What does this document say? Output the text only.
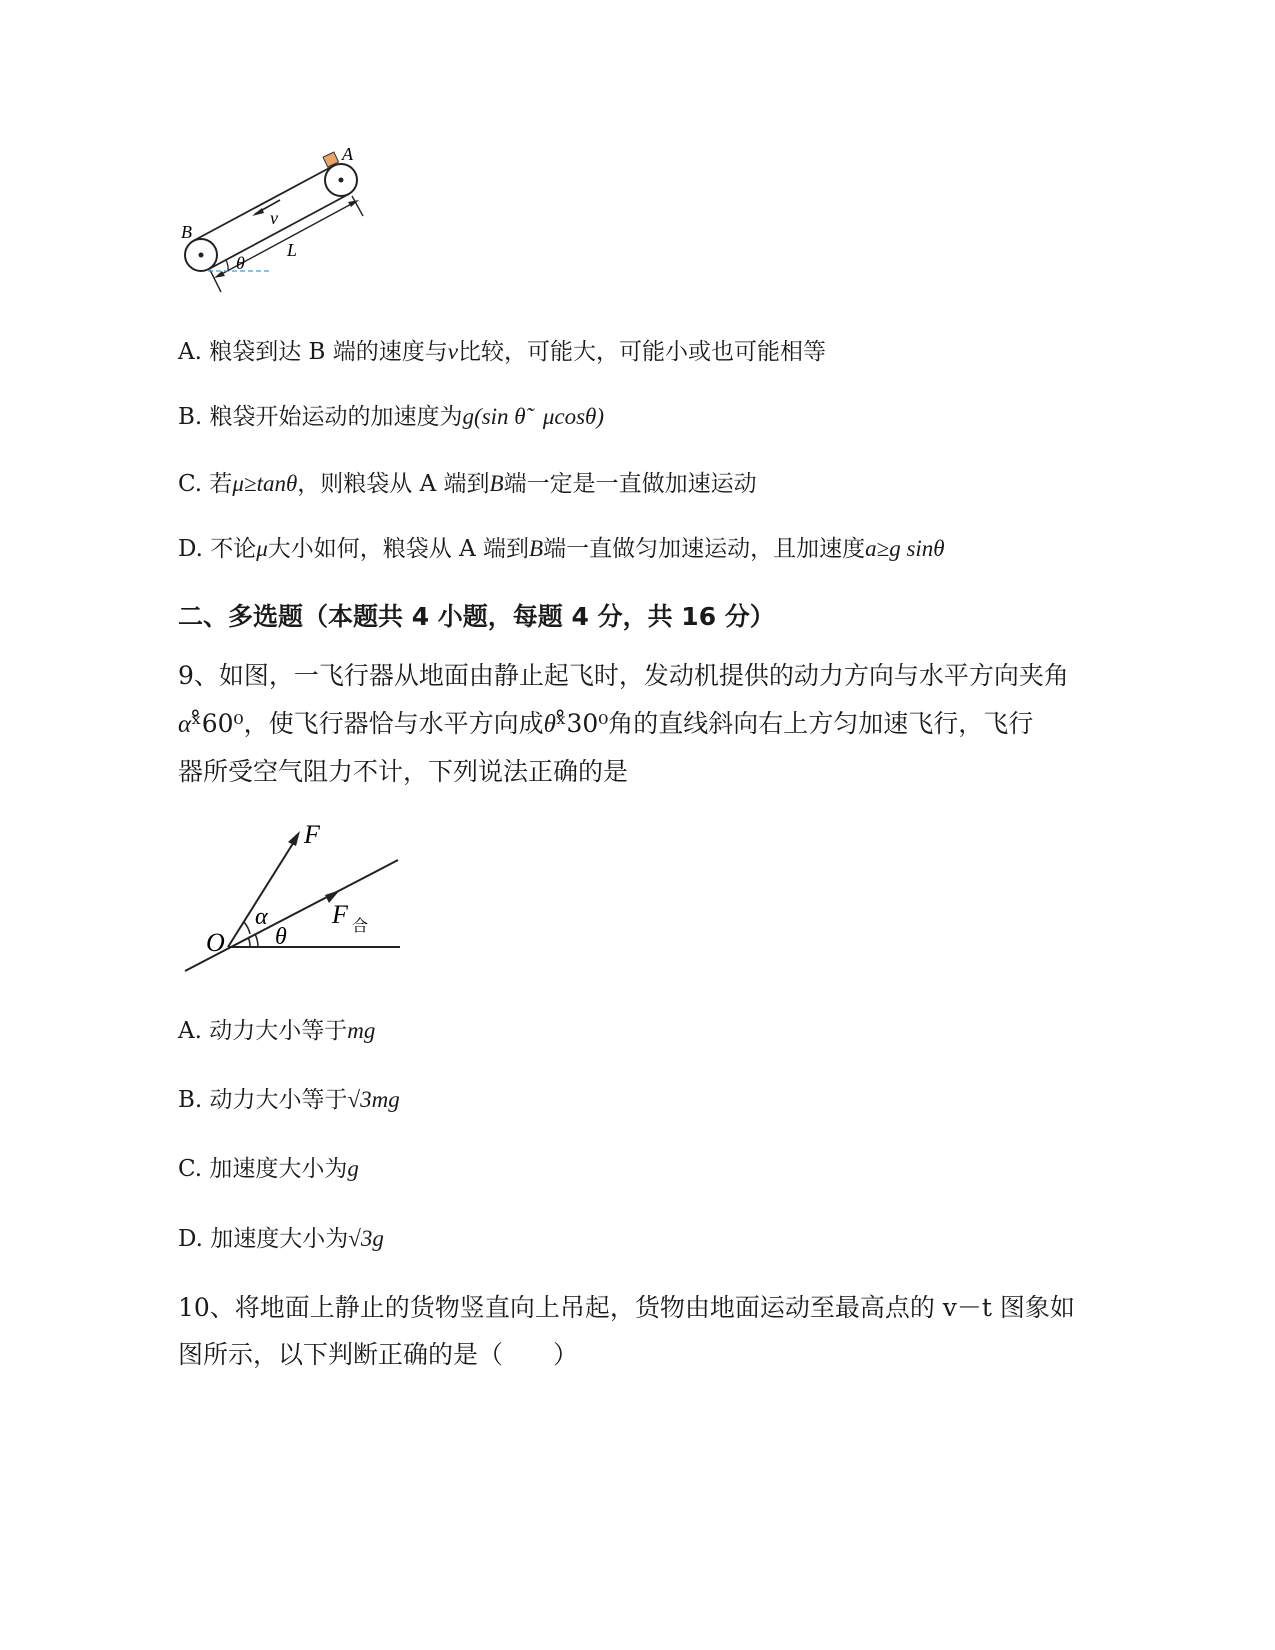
A
B
v
L
θ
A. 粮袋到达 B 端的速度与v比较，可能大，可能小或也可能相等
B. 粮袋开始运动的加速度为g(sin θ̃   μcosθ)
C. 若μ≥tanθ，则粮袋从 A 端到B端一定是一直做加速运动
D. 不论μ大小如何，粮袋从 A 端到B端一直做匀加速运动，且加速度a≥g sinθ
二、多选题（本题共 4 小题，每题 4 分，共 16 分）
9、如图，一飞行器从地面由静止起飞时，发动机提供的动力方向与水平方向夹角
αˣ̊60⁰，使飞行器恰与水平方向成θˣ̊30⁰角的直线斜向右上方匀加速飞行，飞行
器所受空气阻力不计，下列说法正确的是
F
F 合
O
α
θ
A. 动力大小等于mg
B. 动力大小等于√3mg
C. 加速度大小为g
D. 加速度大小为√3g
10、将地面上静止的货物竖直向上吊起，货物由地面运动至最高点的 v－t 图象如
图所示，以下判断正确的是（　　）
